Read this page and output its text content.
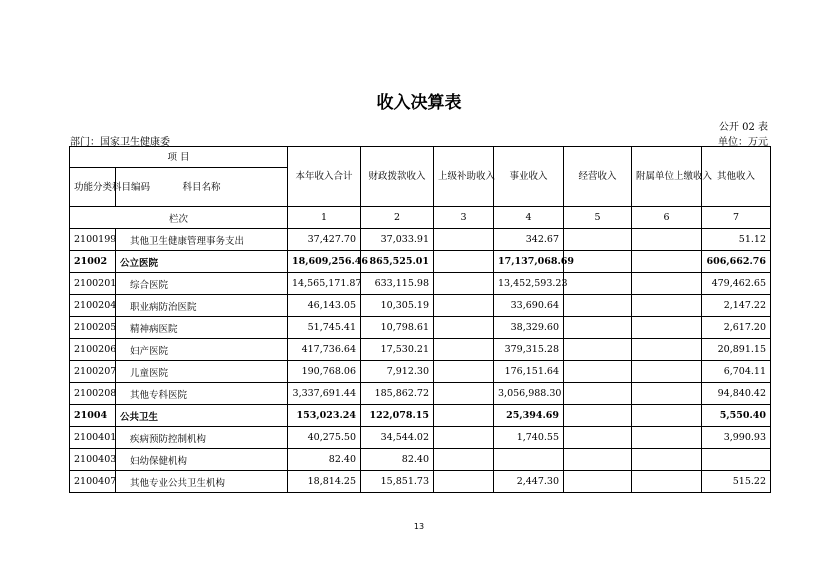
收入决算表
公开 02 表
部门：国家卫生健康委	单位：万元
项 目		本年收入合计	财政拨款收入	上级补助收入	事业收入	经营收入	附属单位上缴收入	其他收入
功能分类科目编码	科目名称							
栏次		1	2	3	4	5	6	7
2100199	其他卫生健康管理事务支出	37,427.70	37,033.91		342.67			51.12
21002	公立医院	18,609,256.46	865,525.01		17,137,068.69			606,662.76
2100201	综合医院	14,565,171.87	633,115.98		13,452,593.23			479,462.65
2100204	职业病防治医院	46,143.05	10,305.19		33,690.64			2,147.22
2100205	精神病医院	51,745.41	10,798.61		38,329.60			2,617.20
2100206	妇产医院	417,736.64	17,530.21		379,315.28			20,891.15
2100207	儿童医院	190,768.06	7,912.30		176,151.64			6,704.11
2100208	其他专科医院	3,337,691.44	185,862.72		3,056,988.30			94,840.42
21004	公共卫生	153,023.24	122,078.15		25,394.69			5,550.40
2100401	疾病预防控制机构	40,275.50	34,544.02		1,740.55			3,990.93
2100403	妇幼保健机构	82.40	82.40					
2100407	其他专业公共卫生机构	18,814.25	15,851.73		2,447.30			515.22
13
